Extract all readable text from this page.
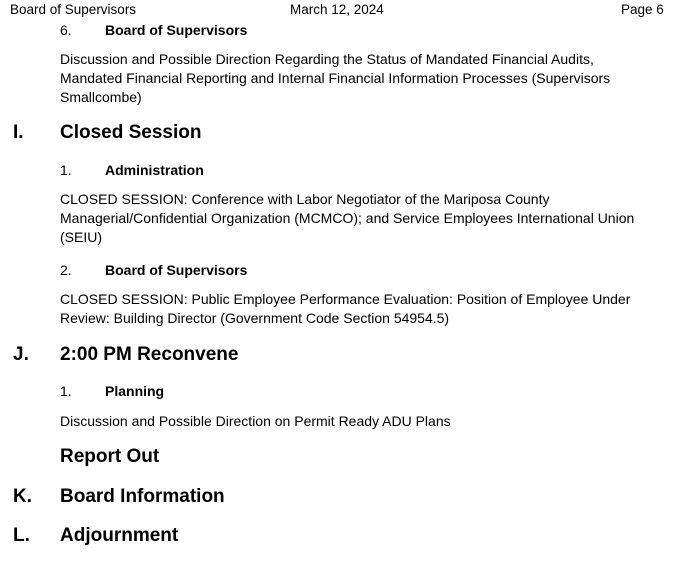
Board of Supervisors	March 12, 2024	Page 6
6. Board of Supervisors
Discussion and Possible Direction Regarding the Status of Mandated Financial Audits,
Mandated Financial Reporting and Internal Financial Information Processes (Supervisors
Smallcombe)
I. Closed Session
1. Administration
CLOSED SESSION: Conference with Labor Negotiator of the Mariposa County
Managerial/Confidential Organization (MCMCO); and Service Employees International Union
(SEIU)
2. Board of Supervisors
CLOSED SESSION: Public Employee Performance Evaluation: Position of Employee Under
Review: Building Director (Government Code Section 54954.5)
J. 2:00 PM Reconvene
1. Planning
Discussion and Possible Direction on Permit Ready ADU Plans
Report Out
K. Board Information
L. Adjournment
